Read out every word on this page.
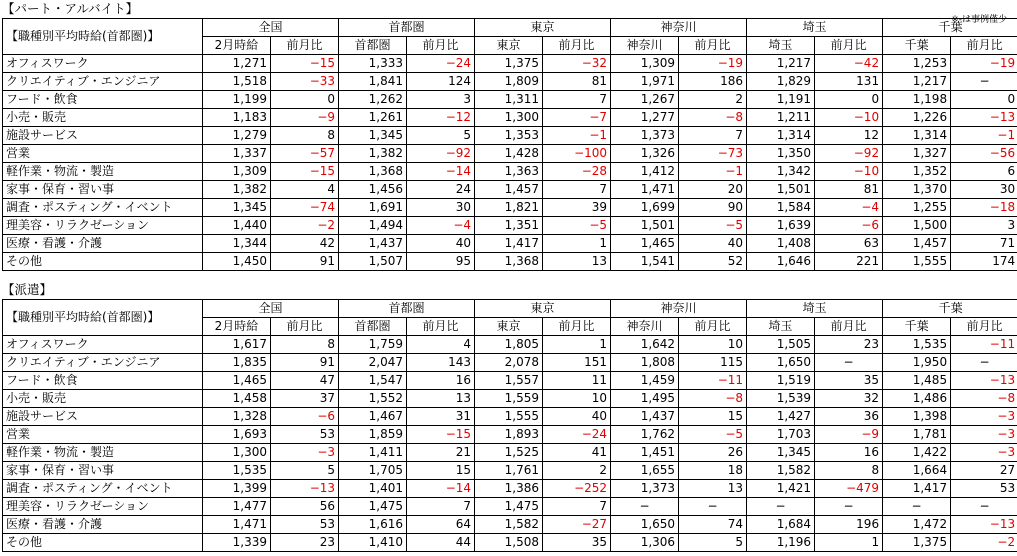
【パート・アルバイト】
※-は事例僅少
【職種別平均時給(首都圏)】	全国		首都圏		東京		神奈川		埼玉		千葉	
	2月時給	前月比	首都圏	前月比	東京	前月比	神奈川	前月比	埼玉	前月比	千葉	前月比
オフィスワーク	1,271	−15	1,333	−24	1,375	−32	1,309	−19	1,217	−42	1,253	−19
クリエイティブ・エンジニア	1,518	−33	1,841	124	1,809	81	1,971	186	1,829	131	1,217	−
フード・飲食	1,199	0	1,262	3	1,311	7	1,267	2	1,191	0	1,198	0
小売・販売	1,183	−9	1,261	−12	1,300	−7	1,277	−8	1,211	−10	1,226	−13
施設サービス	1,279	8	1,345	5	1,353	−1	1,373	7	1,314	12	1,314	−1
営業	1,337	−57	1,382	−92	1,428	−100	1,326	−73	1,350	−92	1,327	−56
軽作業・物流・製造	1,309	−15	1,368	−14	1,363	−28	1,412	−1	1,342	−10	1,352	6
家事・保育・習い事	1,382	4	1,456	24	1,457	7	1,471	20	1,501	81	1,370	30
調査・ポスティング・イベント	1,345	−74	1,691	30	1,821	39	1,699	90	1,584	−4	1,255	−18
理美容・リラクゼーション	1,440	−2	1,494	−4	1,351	−5	1,501	−5	1,639	−6	1,500	3
医療・看護・介護	1,344	42	1,437	40	1,417	1	1,465	40	1,408	63	1,457	71
その他	1,450	91	1,507	95	1,368	13	1,541	52	1,646	221	1,555	174
【派遣】
【職種別平均時給(首都圏)】	全国		首都圏		東京		神奈川		埼玉		千葉	
	2月時給	前月比	首都圏	前月比	東京	前月比	神奈川	前月比	埼玉	前月比	千葉	前月比
オフィスワーク	1,617	8	1,759	4	1,805	1	1,642	10	1,505	23	1,535	−11
クリエイティブ・エンジニア	1,835	91	2,047	143	2,078	151	1,808	115	1,650	−	1,950	−
フード・飲食	1,465	47	1,547	16	1,557	11	1,459	−11	1,519	35	1,485	−13
小売・販売	1,458	37	1,552	13	1,559	10	1,495	−8	1,539	32	1,486	−8
施設サービス	1,328	−6	1,467	31	1,555	40	1,437	15	1,427	36	1,398	−3
営業	1,693	53	1,859	−15	1,893	−24	1,762	−5	1,703	−9	1,781	−3
軽作業・物流・製造	1,300	−3	1,411	21	1,525	41	1,451	26	1,345	16	1,422	−3
家事・保育・習い事	1,535	5	1,705	15	1,761	2	1,655	18	1,582	8	1,664	27
調査・ポスティング・イベント	1,399	−13	1,401	−14	1,386	−252	1,373	13	1,421	−479	1,417	53
理美容・リラクゼーション	1,477	56	1,475	7	1,475	7	−	−	−	−	−	−
医療・看護・介護	1,471	53	1,616	64	1,582	−27	1,650	74	1,684	196	1,472	−13
その他	1,339	23	1,410	44	1,508	35	1,306	5	1,196	1	1,375	−2
